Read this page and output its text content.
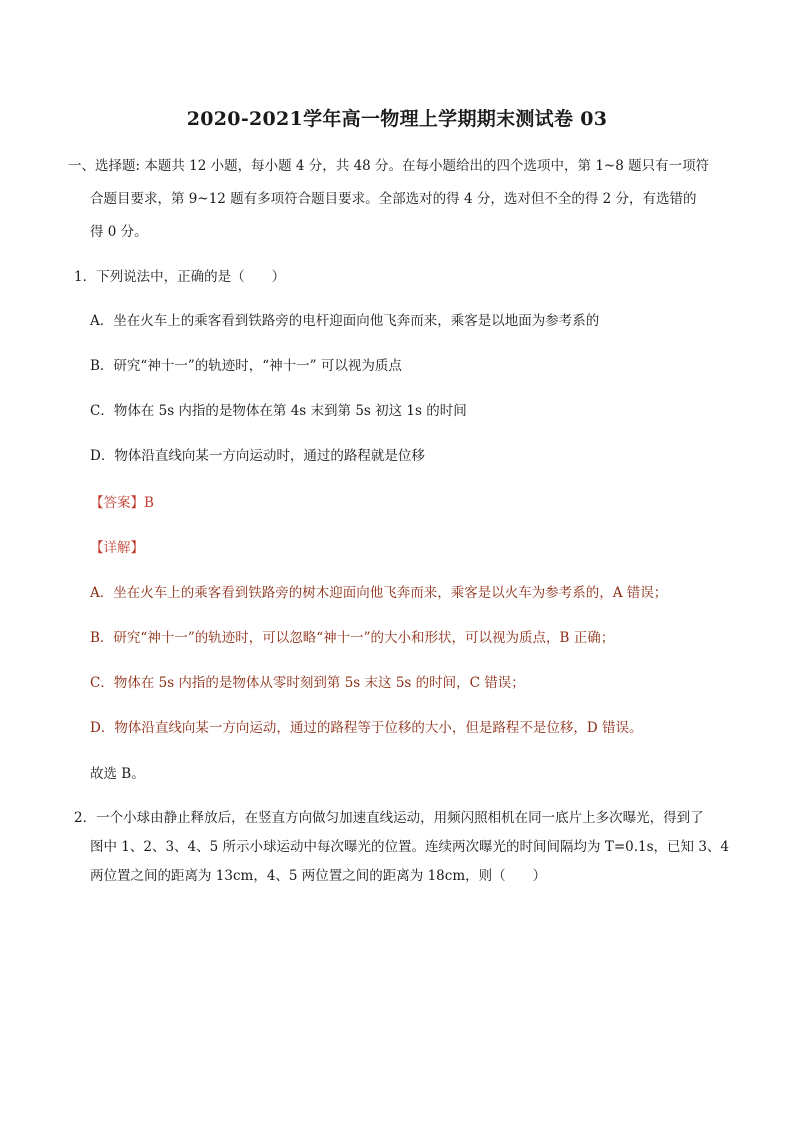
2020-2021学年高一物理上学期期末测试卷 03
一、选择题: 本题共 12 小题，每小题 4 分，共 48 分。在每小题给出的四个选项中，第 1~8 题只有一项符
合题目要求，第 9~12 题有多项符合题目要求。全部选对的得 4 分，选对但不全的得 2 分，有选错的
得 0 分。
1．下列说法中，正确的是（　　）
A．坐在火车上的乘客看到铁路旁的电杆迎面向他飞奔而来，乘客是以地面为参考系的
B．研究“神十一”的轨迹时，“神十一” 可以视为质点
C．物体在 5s 内指的是物体在第 4s 末到第 5s 初这 1s 的时间
D．物体沿直线向某一方向运动时，通过的路程就是位移
【答案】B
【详解】
A．坐在火车上的乘客看到铁路旁的树木迎面向他飞奔而来，乘客是以火车为参考系的，A 错误；
B．研究“神十一”的轨迹时，可以忽略“神十一”的大小和形状，可以视为质点，B 正确；
C．物体在 5s 内指的是物体从零时刻到第 5s 末这 5s 的时间，C 错误；
D．物体沿直线向某一方向运动，通过的路程等于位移的大小，但是路程不是位移，D 错误。
故选 B。
2．一个小球由静止释放后，在竖直方向做匀加速直线运动，用频闪照相机在同一底片上多次曝光，得到了
图中 1、2、3、4、5 所示小球运动中每次曝光的位置。连续两次曝光的时间间隔均为 T=0.1s，已知 3、4
两位置之间的距离为 13cm，4、5 两位置之间的距离为 18cm，则（　　）
